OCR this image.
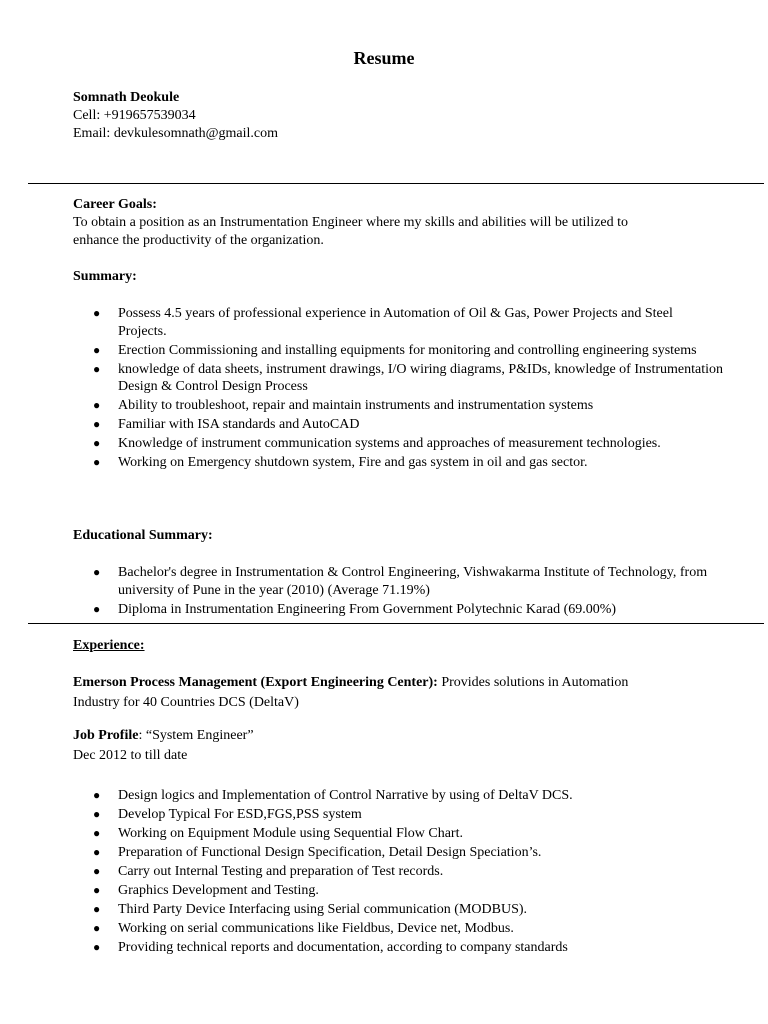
Resume
Somnath Deokule
Cell: +919657539034
Email: devkulesomnath@gmail.com
Career Goals:
To obtain a position as an Instrumentation Engineer where my skills and abilities will be utilized to
enhance the productivity of the organization.
Summary:
● Possess 4.5 years of professional experience in Automation of Oil & Gas, Power Projects and Steel Projects.
● Erection Commissioning and installing equipments for monitoring and controlling engineering systems
● knowledge of data sheets, instrument drawings, I/O wiring diagrams, P&IDs, knowledge of Instrumentation Design & Control Design Process
● Ability to troubleshoot, repair and maintain instruments and instrumentation systems
● Familiar with ISA standards and AutoCAD
● Knowledge of instrument communication systems and approaches of measurement technologies.
● Working on Emergency shutdown system, Fire and gas system in oil and gas sector.
Educational Summary:
● Bachelor's degree in Instrumentation & Control Engineering, Vishwakarma Institute of Technology, from university of Pune in the year (2010) (Average 71.19%)
● Diploma in Instrumentation Engineering From Government Polytechnic Karad (69.00%)
Experience:
Emerson Process Management (Export Engineering Center): Provides solutions in Automation
Industry for 40 Countries DCS (DeltaV)
Job Profile: “System Engineer”
Dec 2012 to till date
● Design logics and Implementation of Control Narrative by using of DeltaV DCS.
● Develop Typical For ESD,FGS,PSS system
● Working on Equipment Module using Sequential Flow Chart.
● Preparation of Functional Design Specification, Detail Design Speciation’s.
● Carry out Internal Testing and preparation of Test records.
● Graphics Development and Testing.
● Third Party Device Interfacing using Serial communication (MODBUS).
● Working on serial communications like Fieldbus, Device net, Modbus.
● Providing technical reports and documentation, according to company standards
